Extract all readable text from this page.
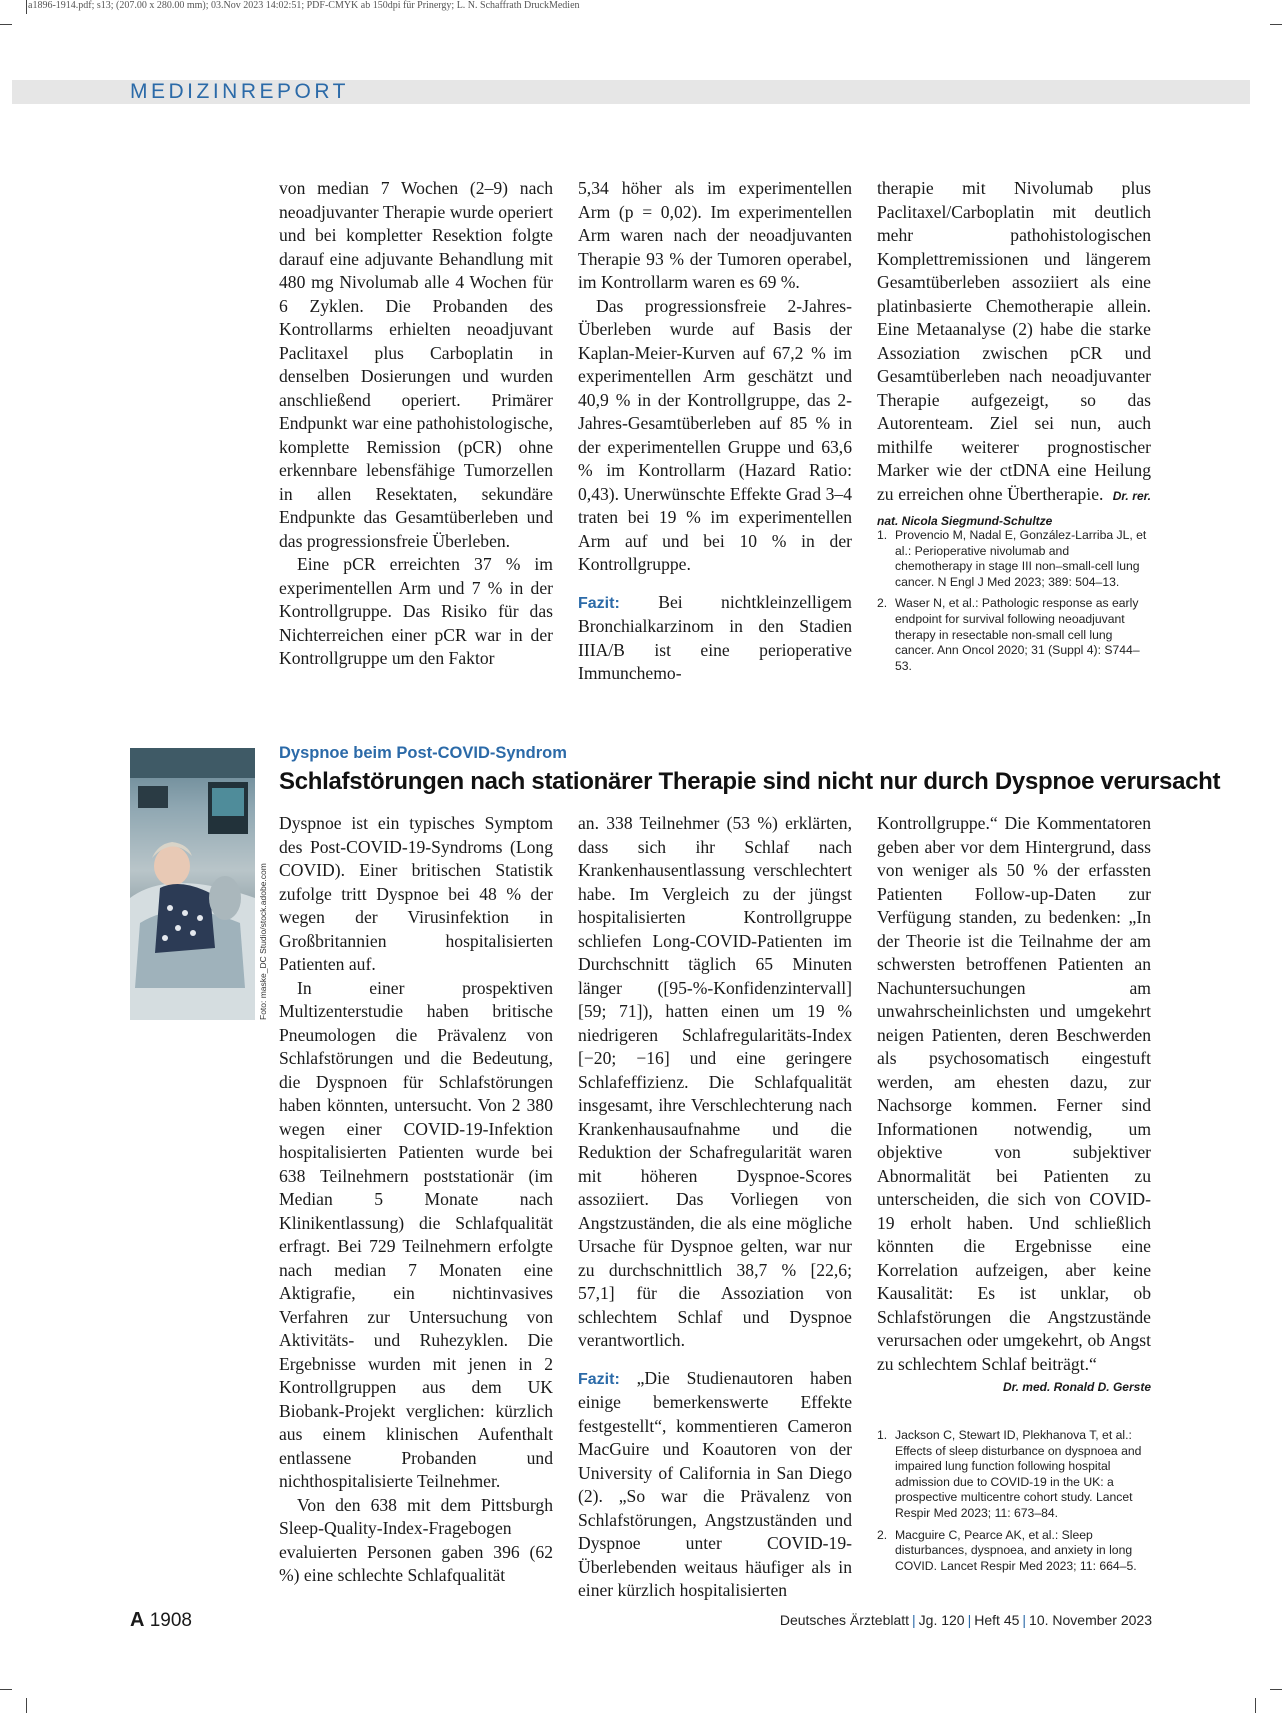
a1896-1914.pdf; s13; (207.00 x 280.00 mm); 03.Nov 2023 14:02:51; PDF-CMYK ab 150dpi für Prinergy; L. N. Schaffrath DruckMedien
MEDIZINREPORT

von median 7 Wochen (2–9) nach neoadjuvanter Therapie wurde operiert und bei kompletter Resektion folgte darauf eine adjuvante Behandlung mit 480 mg Nivolumab alle 4 Wochen für 6 Zyklen. Die Probanden des Kontrollarms erhielten neoadjuvant Paclitaxel plus Carboplatin in denselben Dosierungen und wurden anschließend operiert. Primärer Endpunkt war eine pathohistologische, komplette Remission (pCR) ohne erkennbare lebensfähige Tumorzellen in allen Resektaten, sekundäre Endpunkte das Gesamtüberleben und das progressionsfreie Überleben.

Eine pCR erreichten 37 % im experimentellen Arm und 7 % in der Kontrollgruppe. Das Risiko für das Nichterreichen einer pCR war in der Kontrollgruppe um den Faktor

5,34 höher als im experimentellen Arm (p = 0,02). Im experimentellen Arm waren nach der neoadjuvanten Therapie 93 % der Tumoren operabel, im Kontrollarm waren es 69 %.

Das progressionsfreie 2-Jahres-Überleben wurde auf Basis der Kaplan-Meier-Kurven auf 67,2 % im experimentellen Arm geschätzt und 40,9 % in der Kontrollgruppe, das 2-Jahres-Gesamtüberleben auf 85 % in der experimentellen Gruppe und 63,6 % im Kontrollarm (Hazard Ratio: 0,43). Unerwünschte Effekte Grad 3–4 traten bei 19 % im experimentellen Arm auf und bei 10 % in der Kontrollgruppe.

Fazit: Bei nichtkleinzelligem Bronchialkarzinom in den Stadien IIIA/B ist eine perioperative Immunchemo-

therapie mit Nivolumab plus Paclitaxel/Carboplatin mit deutlich mehr pathohistologischen Komplettremissionen und längerem Gesamtüberleben assoziiert als eine platinbasierte Chemotherapie allein. Eine Metaanalyse (2) habe die starke Assoziation zwischen pCR und Gesamtüberleben nach neoadjuvanter Therapie aufgezeigt, so das Autorenteam. Ziel sei nun, auch mithilfe weiterer prognostischer Marker wie der ctDNA eine Heilung zu erreichen ohne Übertherapie. Dr. rer. nat. Nicola Siegmund-Schultze

1. Provencio M, Nadal E, González-Larriba JL, et al.: Perioperative nivolumab and chemotherapy in stage III non–small-cell lung cancer. N Engl J Med 2023; 389: 504–13.
2. Waser N, et al.: Pathologic response as early endpoint for survival following neoadjuvant therapy in resectable non-small cell lung cancer. Ann Oncol 2020; 31 (Suppl 4): S744–53.
Foto: maske_DC Studio/stock.adobe.com
Dyspnoe beim Post-COVID-Syndrom
Schlafstörungen nach stationärer Therapie sind nicht nur durch Dyspnoe verursacht

Dyspnoe ist ein typisches Symptom des Post-COVID-19-Syndroms (Long COVID). Einer britischen Statistik zufolge tritt Dyspnoe bei 48 % der wegen der Virusinfektion in Großbritannien hospitalisierten Patienten auf.

In einer prospektiven Multizenterstudie haben britische Pneumologen die Prävalenz von Schlafstörungen und die Bedeutung, die Dyspnoen für Schlafstörungen haben könnten, untersucht. Von 2 380 wegen einer COVID-19-Infektion hospitalisierten Patienten wurde bei 638 Teilnehmern poststationär (im Median 5 Monate nach Klinikentlassung) die Schlafqualität erfragt. Bei 729 Teilnehmern erfolgte nach median 7 Monaten eine Aktigrafie, ein nichtinvasives Verfahren zur Untersuchung von Aktivitäts- und Ruhezyklen. Die Ergebnisse wurden mit jenen in 2 Kontrollgruppen aus dem UK Biobank-Projekt verglichen: kürzlich aus einem klinischen Aufenthalt entlassene Probanden und nichthospitalisierte Teilnehmer.

Von den 638 mit dem Pittsburgh Sleep-Quality-Index-Fragebogen evaluierten Personen gaben 396 (62 %) eine schlechte Schlafqualität

an. 338 Teilnehmer (53 %) erklärten, dass sich ihr Schlaf nach Krankenhausentlassung verschlechtert habe. Im Vergleich zu der jüngst hospitalisierten Kontrollgruppe schliefen Long-COVID-Patienten im Durchschnitt täglich 65 Minuten länger ([95-%-Konfidenzintervall] [59; 71]), hatten einen um 19 % niedrigeren Schlafregularitäts-Index [−20; −16] und eine geringere Schlafeffizienz. Die Schlafqualität insgesamt, ihre Verschlechterung nach Krankenhausaufnahme und die Reduktion der Schafregularität waren mit höheren Dyspnoe-Scores assoziiert. Das Vorliegen von Angstzuständen, die als eine mögliche Ursache für Dyspnoe gelten, war nur zu durchschnittlich 38,7 % [22,6; 57,1] für die Assoziation von schlechtem Schlaf und Dyspnoe verantwortlich.

Fazit: „Die Studienautoren haben einige bemerkenswerte Effekte festgestellt“, kommentieren Cameron MacGuire und Koautoren von der University of California in San Diego (2). „So war die Prävalenz von Schlafstörungen, Angstzuständen und Dyspnoe unter COVID-19-Überlebenden weitaus häufiger als in einer kürzlich hospitalisierten

Kontrollgruppe.“ Die Kommentatoren geben aber vor dem Hintergrund, dass von weniger als 50 % der erfassten Patienten Follow-up-Daten zur Verfügung standen, zu bedenken: „In der Theorie ist die Teilnahme der am schwersten betroffenen Patienten an Nachuntersuchungen am unwahrscheinlichsten und umgekehrt neigen Patienten, deren Beschwerden als psychosomatisch eingestuft werden, am ehesten dazu, zur Nachsorge kommen. Ferner sind Informationen notwendig, um objektive von subjektiver Abnormalität bei Patienten zu unterscheiden, die sich von COVID-19 erholt haben. Und schließlich könnten die Ergebnisse eine Korrelation aufzeigen, aber keine Kausalität: Es ist unklar, ob Schlafstörungen die Angstzustände verursachen oder umgekehrt, ob Angst zu schlechtem Schlaf beiträgt.“

Dr. med. Ronald D. Gerste
1. Jackson C, Stewart ID, Plekhanova T, et al.: Effects of sleep disturbance on dyspnoea and impaired lung function following hospital admission due to COVID-19 in the UK: a prospective multicentre cohort study. Lancet Respir Med 2023; 11: 673–84.
2. Macguire C, Pearce AK, et al.: Sleep disturbances, dyspnoea, and anxiety in long COVID. Lancet Respir Med 2023; 11: 664–5.
A 1908	Deutsches Ärzteblatt | Jg. 120 | Heft 45 | 10. November 2023
